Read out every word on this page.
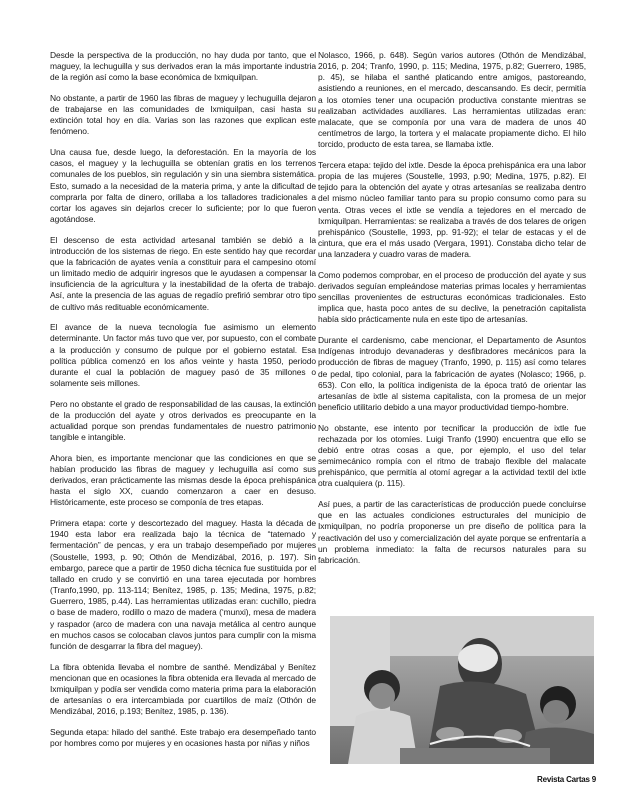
Desde la perspectiva de la producción, no hay duda por tanto, que el maguey, la lechuguilla y sus derivados eran la más importante industria de la región así como la base económica de Ixmiquilpan.

No obstante, a partir de 1960 las fibras de maguey y lechuguilla dejaron de trabajarse en las comunidades de Ixmiquilpan, casi hasta su extinción total hoy en día. Varias son las razones que explican este fenómeno.

Una causa fue, desde luego, la deforestación. En la mayoría de los casos, el maguey y la lechuguilla se obtenían gratis en los terrenos comunales de los pueblos, sin regulación y sin una siembra sistemática. Esto, sumado a la necesidad de la materia prima, y ante la dificultad de comprarla por falta de dinero, orillaba a los talladores tradicionales a cortar los agaves sin dejarlos crecer lo suficiente; por lo que fueron agotándose.

El descenso de esta actividad artesanal también se debió a la introducción de los sistemas de riego. En este sentido hay que recordar que la fabricación de ayates venía a constituir para el campesino otomí un limitado medio de adquirir ingresos que le ayudasen a compensar la insuficiencia de la agricultura y la inestabilidad de la oferta de trabajo. Así, ante la presencia de las aguas de regadío prefirió sembrar otro tipo de cultivo más redituable económicamente.

El avance de la nueva tecnología fue asimismo un elemento determinante. Un factor más tuvo que ver, por supuesto, con el combate a la producción y consumo de pulque por el gobierno estatal. Esa política pública comenzó en los años veinte y hasta 1950, periodo durante el cual la población de maguey pasó de 35 millones o solamente seis millones.

Pero no obstante el grado de responsabilidad de las causas, la extinción de la producción del ayate y otros derivados es preocupante en la actualidad porque son prendas fundamentales de nuestro patrimonio tangible e intangible.

Ahora bien, es importante mencionar que las condiciones en que se habían producido las fibras de maguey y lechuguilla así como sus derivados, eran prácticamente las mismas desde la época prehispánica hasta el siglo XX, cuando comenzaron a caer en desuso. Históricamente, este proceso se componía de tres etapas.

Primera etapa: corte y descortezado del maguey. Hasta la década de 1940 esta labor era realizada bajo la técnica de “tatemado y fermentación” de pencas, y era un trabajo desempeñado por mujeres (Soustelle, 1993, p. 90; Othón de Mendizábal, 2016, p. 197). Sin embargo, parece que a partir de 1950 dicha técnica fue sustituida por el tallado en crudo y se convirtió en una tarea ejecutada por hombres (Tranfo,1990, pp. 113-114; Benítez, 1985, p. 135; Medina, 1975, p.82; Guerrero, 1985, p.44). Las herramientas utilizadas eran: cuchillo, piedra o base de madero, rodillo o mazo de madera (‘munxi), mesa de madera y raspador (arco de madera con una navaja metálica al centro aunque en muchos casos se colocaban clavos juntos para cumplir con la misma función de desgarrar la fibra del maguey).

La fibra obtenida llevaba el nombre de santhé. Mendizábal y Benítez mencionan que en ocasiones la fibra obtenida era llevada al mercado de Ixmiquilpan y podía ser vendida como materia prima para la elaboración de artesanías o era intercambiada por cuartillos de maíz (Othón de Mendizábal, 2016, p.193; Benítez, 1985, p. 136).

Segunda etapa: hilado del santhé. Este trabajo era desempeñado tanto por hombres como por mujeres y en ocasiones hasta por niñas y niños

Nolasco, 1966, p. 648). Según varios autores (Othón de Mendizábal, 2016, p. 204; Tranfo, 1990, p. 115; Medina, 1975, p.82; Guerrero, 1985, p. 45), se hilaba el santhé platicando entre amigos, pastoreando, asistiendo a reuniones, en el mercado, descansando. Es decir, permitía a los otomíes tener una ocupación productiva constante mientras se realizaban actividades auxiliares. Las herramientas utilizadas eran: malacate, que se componía por una vara de madera de unos 40 centímetros de largo, la tortera y el malacate propiamente dicho. El hilo torcido, producto de esta tarea, se llamaba ixtle.

Tercera etapa: tejido del ixtle. Desde la época prehispánica era una labor propia de las mujeres (Soustelle, 1993, p.90; Medina, 1975, p.82). El tejido para la obtención del ayate y otras artesanías se realizaba dentro del mismo núcleo familiar tanto para su propio consumo como para su venta. Otras veces el ixtle se vendía a tejedores en el mercado de Ixmiquilpan. Herramientas: se realizaba a través de dos telares de origen prehispánico (Soustelle, 1993, pp. 91-92); el telar de estacas y el de cintura, que era el más usado (Vergara, 1991). Constaba dicho telar de una lanzadera y cuadro varas de madera.

Como podemos comprobar, en el proceso de producción del ayate y sus derivados seguían empleándose materias primas locales y herramientas sencillas provenientes de estructuras económicas tradicionales. Esto implica que, hasta poco antes de su declive, la penetración capitalista había sido prácticamente nula en este tipo de artesanías.

Durante el cardenismo, cabe mencionar, el Departamento de Asuntos Indígenas introdujo devanaderas y desfibradores mecánicos para la producción de fibras de maguey (Tranfo, 1990, p. 115) así como telares de pedal, tipo colonial, para la fabricación de ayates (Nolasco; 1966, p. 653). Con ello, la política indigenista de la época trató de orientar las artesanías de ixtle al sistema capitalista, con la promesa de un mejor beneficio utilitario debido a una mayor productividad tiempo-hombre.

No obstante, ese intento por tecnificar la producción de ixtle fue rechazada por los otomíes. Luigi Tranfo (1990) encuentra que ello se debió entre otras cosas a que, por ejemplo, el uso del telar semimecánico rompía con el ritmo de trabajo flexible del malacate prehispánico, que permitía al otomí agregar a la actividad textil del ixtle otra cualquiera (p. 115).

Así pues, a partir de las características de producción puede concluirse que en las actuales condiciones estructurales del municipio de Ixmiquilpan, no podría proponerse un pre diseño de política para la reactivación del uso y comercialización del ayate porque se enfrentaría a un problema inmediato: la falta de recursos naturales para su fabricación.

Revista Cartas 9
